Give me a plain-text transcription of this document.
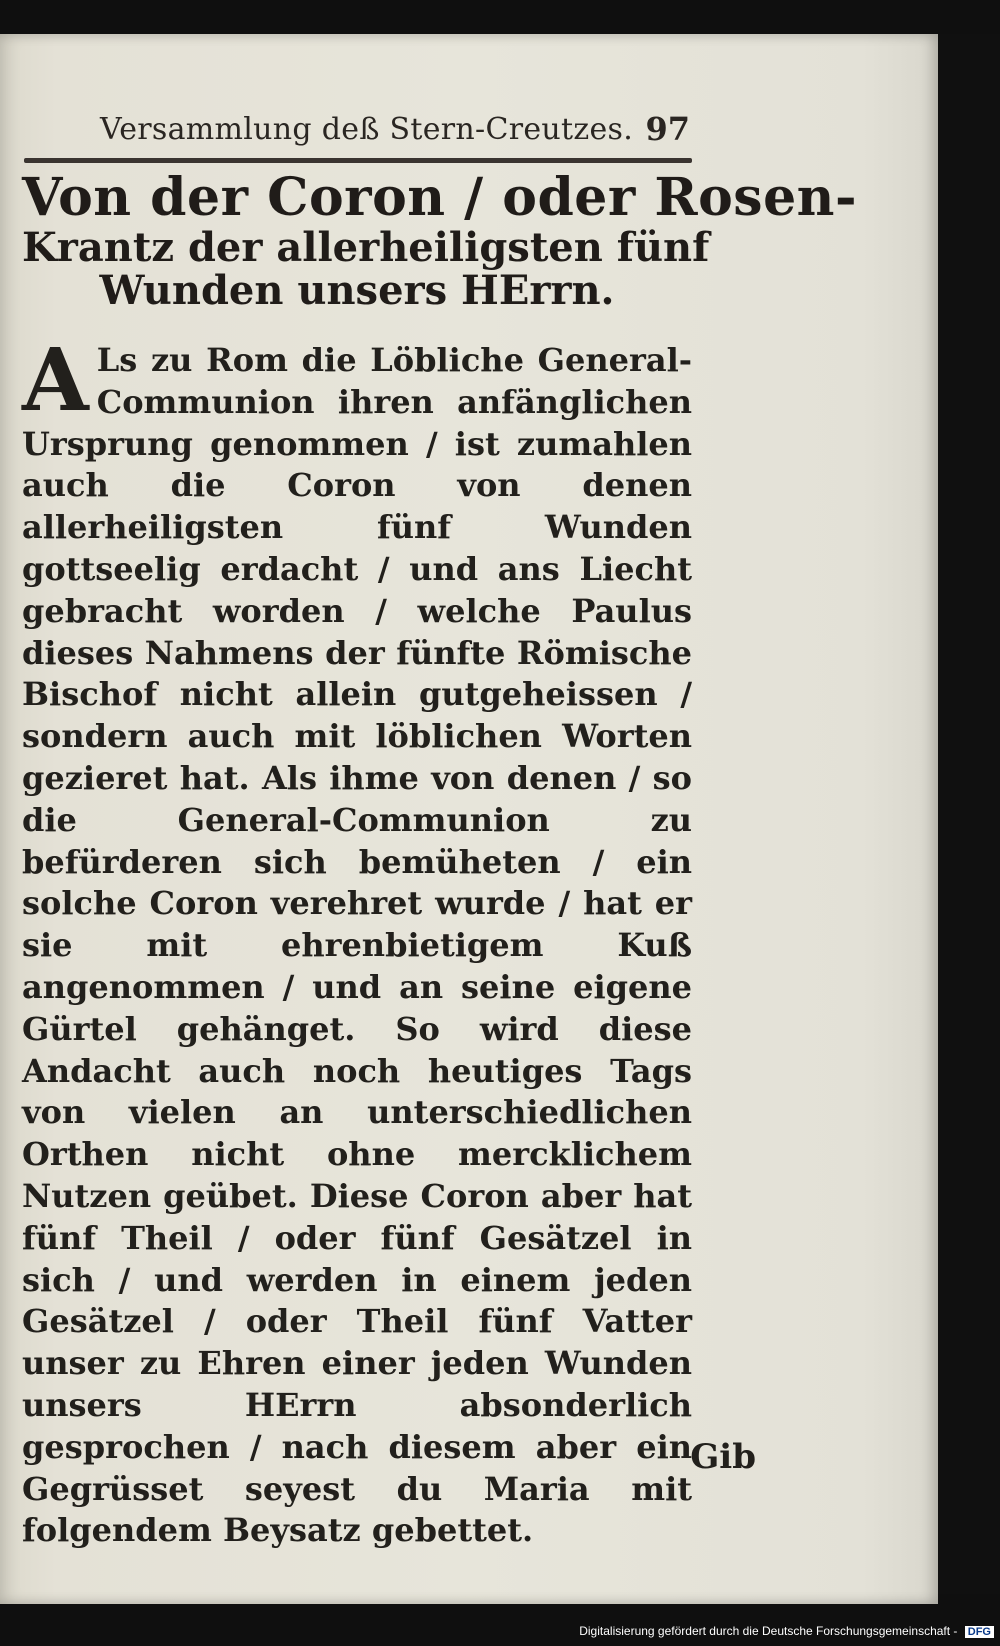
Versammlung deß Stern-Creutzes. 97
Von der Coron / oder Rosen-
Krantz der allerheiligsten fünf
Wunden unsers HErrn.
A Ls zu Rom die Löbliche General-Communion ihren anfänglichen Ursprung genommen / ist zumahlen auch die Coron von denen allerheiligsten fünf Wunden gottseelig erdacht / und ans Liecht gebracht worden / welche Paulus dieses Nahmens der fünfte Römische Bischof nicht allein gutgeheissen / sondern auch mit löblichen Worten gezieret hat. Als ihme von denen / so die General-Communion zu befürderen sich bemüheten / ein solche Coron verehret wurde / hat er sie mit ehrenbietigem Kuß angenommen / und an seine eigene Gürtel gehänget. So wird diese Andacht auch noch heutiges Tags von vielen an unterschiedlichen Orthen nicht ohne mercklichem Nutzen geübet. Diese Coron aber hat fünf Theil / oder fünf Gesätzel in sich / und werden in einem jeden Gesätzel / oder Theil fünf Vatter unser zu Ehren einer jeden Wunden unsers HErrn absonderlich gesprochen / nach diesem aber ein Gegrüsset seyest du Maria mit folgendem Beysatz gebettet.
Gib
Digitalisierung gefördert durch die Deutsche Forschungsgemeinschaft - DFG
